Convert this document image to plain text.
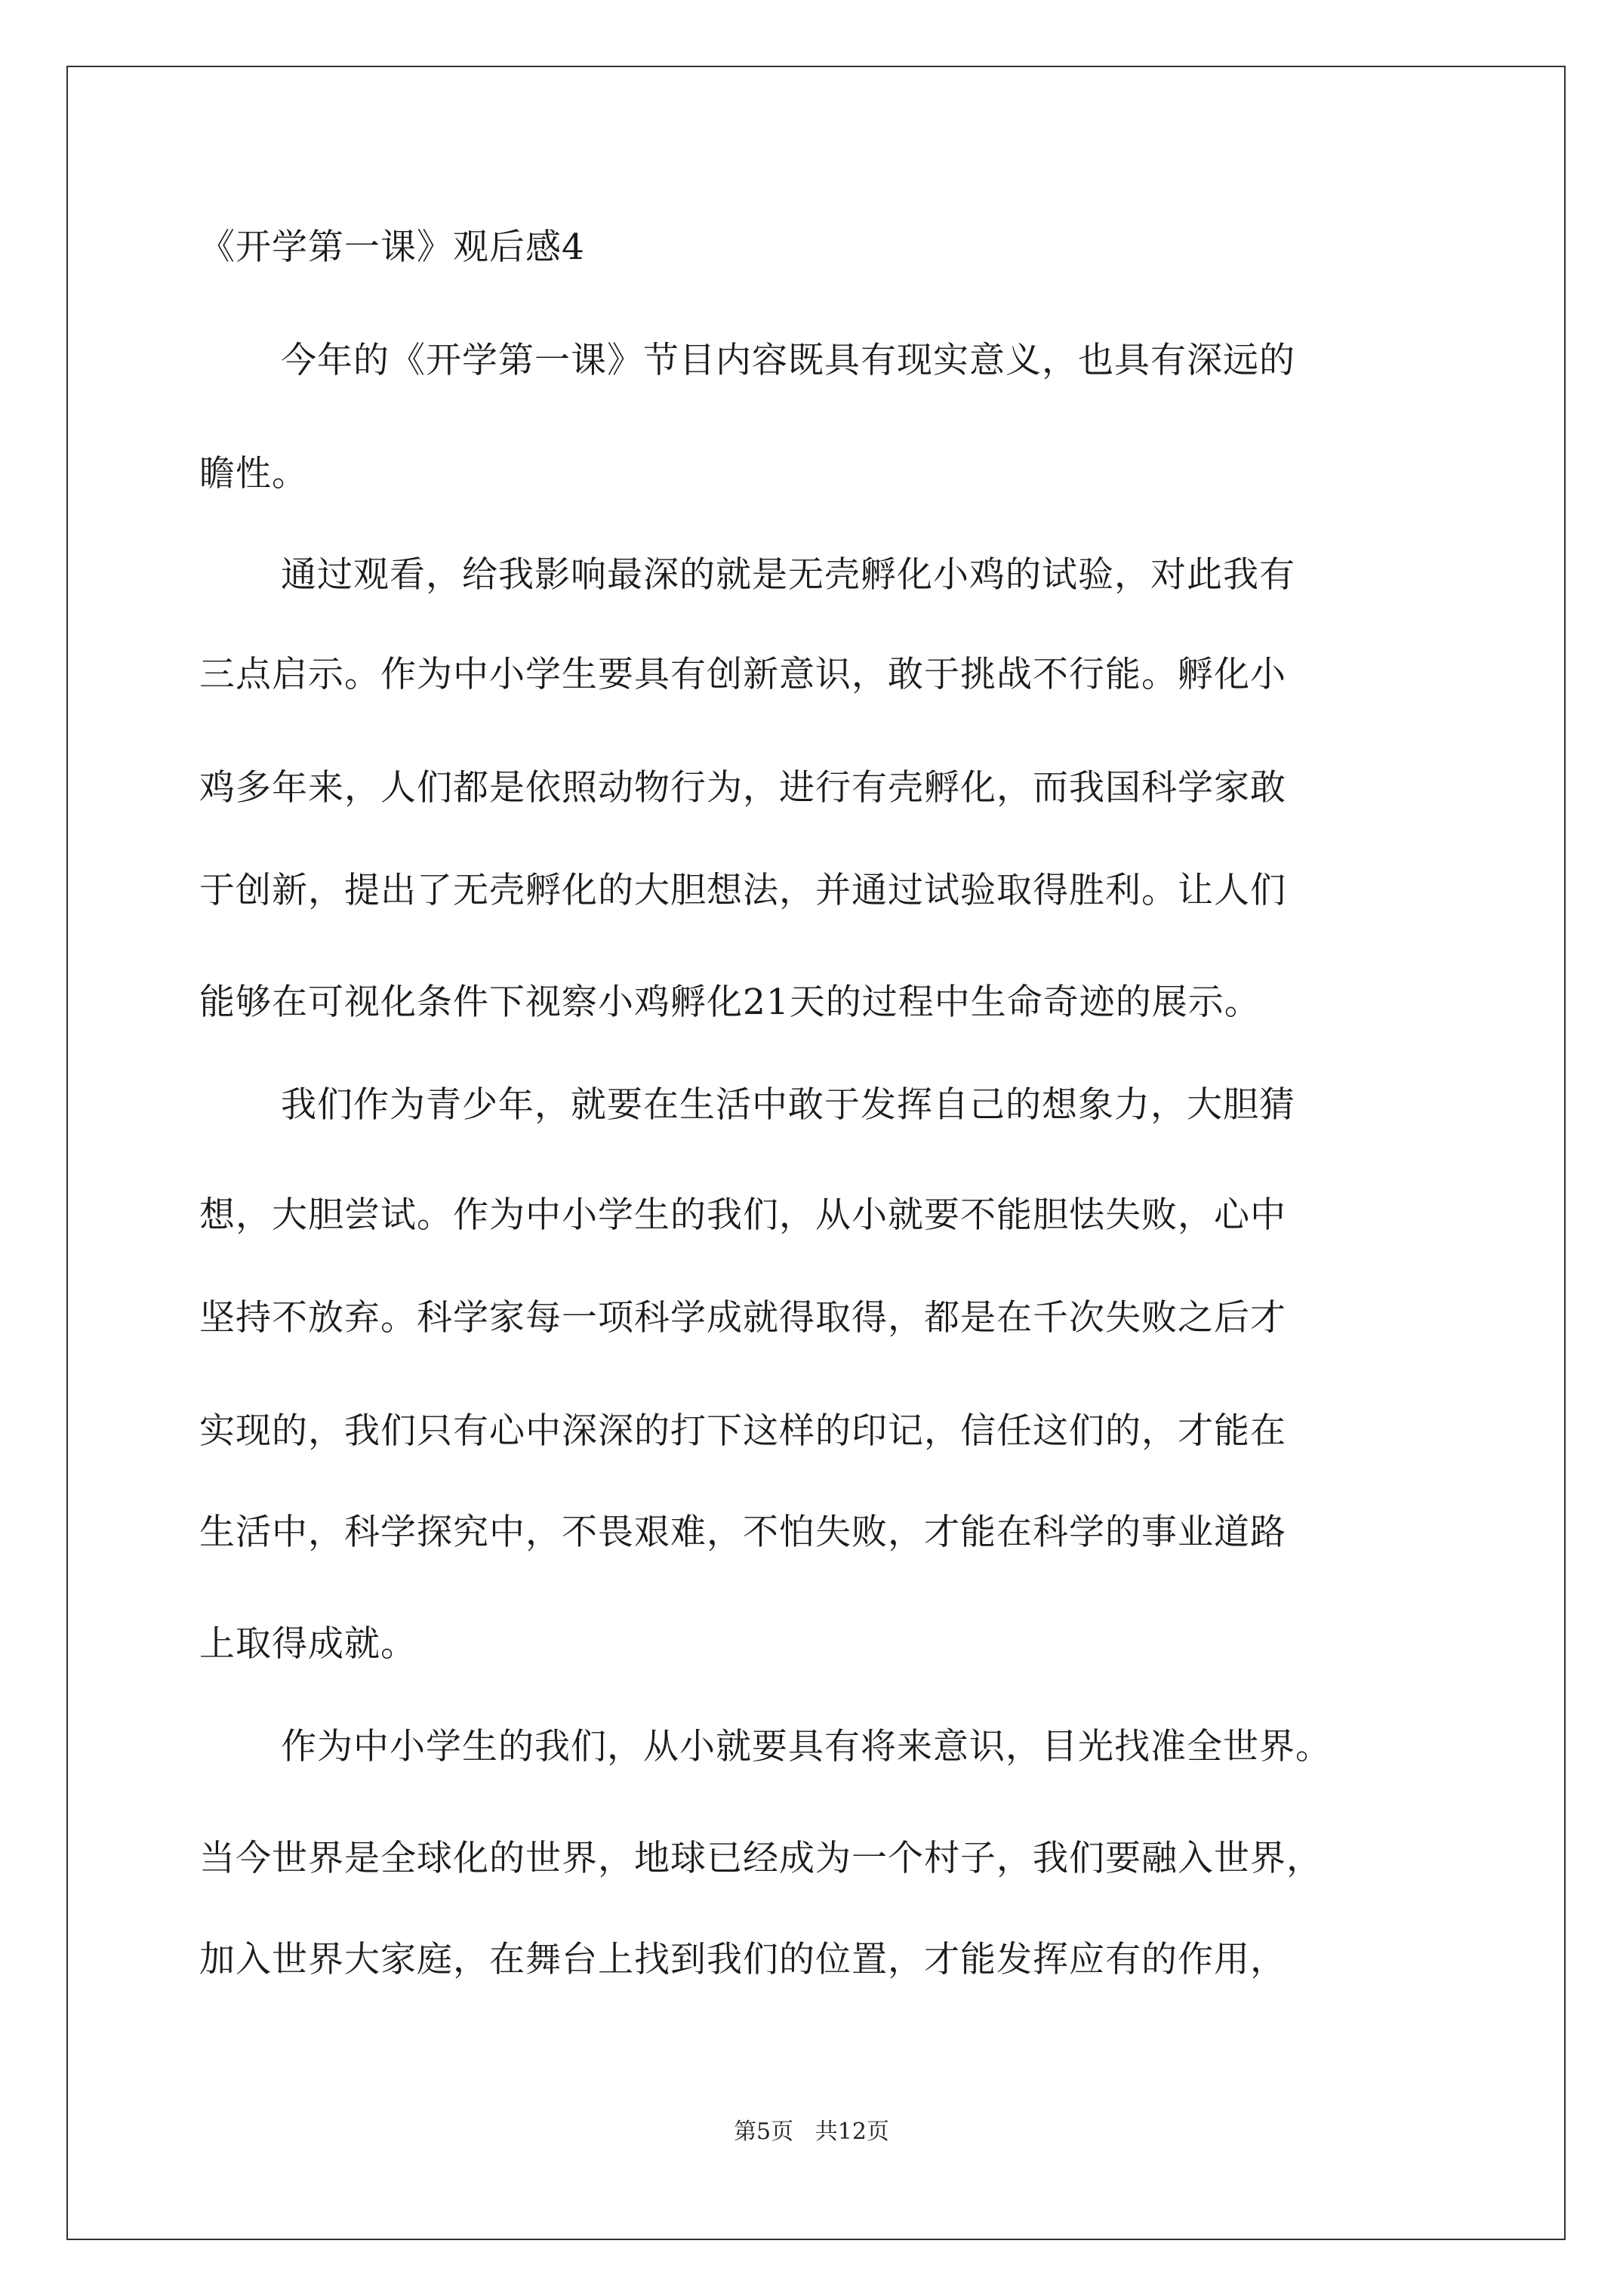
《开学第一课》观后感4
今年的《开学第一课》节目内容既具有现实意义，也具有深远的
瞻性。
通过观看，给我影响最深的就是无壳孵化小鸡的试验，对此我有
三点启示。作为中小学生要具有创新意识，敢于挑战不行能。孵化小
鸡多年来，人们都是依照动物行为，进行有壳孵化，而我国科学家敢
于创新，提出了无壳孵化的大胆想法，并通过试验取得胜利。让人们
能够在可视化条件下视察小鸡孵化21天的过程中生命奇迹的展示。
我们作为青少年，就要在生活中敢于发挥自己的想象力，大胆猜
想，大胆尝试。作为中小学生的我们，从小就要不能胆怯失败，心中
坚持不放弃。科学家每一项科学成就得取得，都是在千次失败之后才
实现的，我们只有心中深深的打下这样的印记，信任这们的，才能在
生活中，科学探究中，不畏艰难，不怕失败，才能在科学的事业道路
上取得成就。
作为中小学生的我们，从小就要具有将来意识，目光找准全世界。
当今世界是全球化的世界，地球已经成为一个村子，我们要融入世界，
加入世界大家庭，在舞台上找到我们的位置，才能发挥应有的作用，
第5页   共12页
